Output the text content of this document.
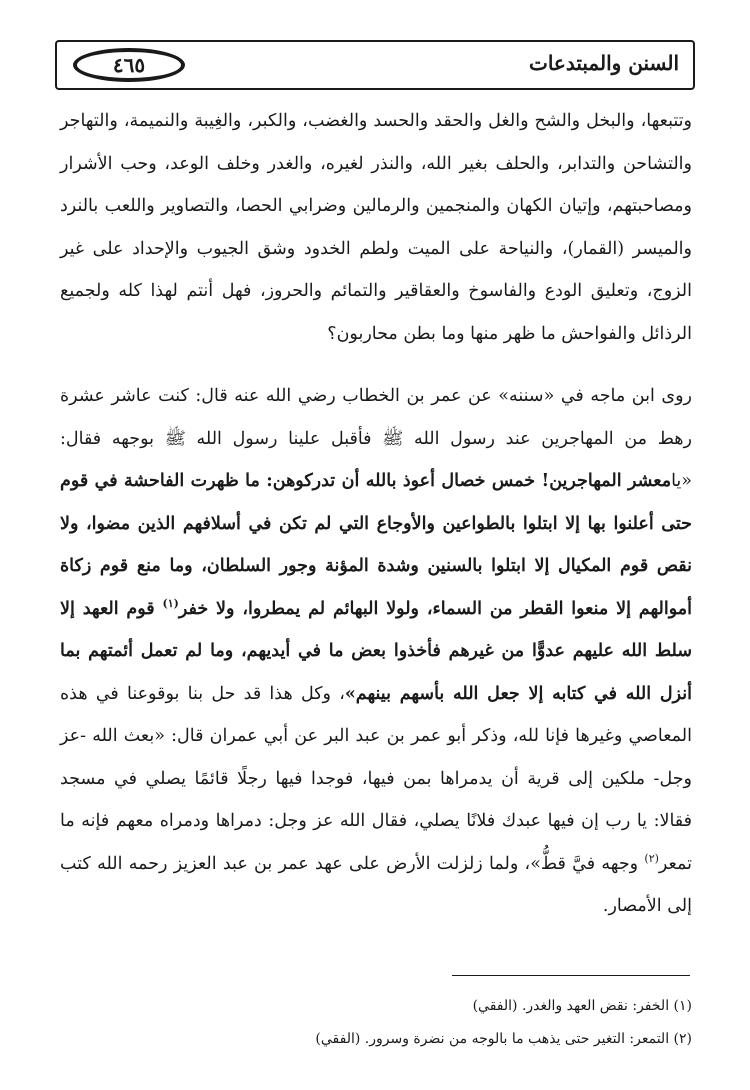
السنن والمبتدعات
٤٦٥

وتتبعها، والبخل والشح والغل والحقد والحسد والغضب، والكبر، والغِيبة والنميمة، والتهاجر والتشاحن والتدابر، والحلف بغير الله، والنذر لغيره، والغدر وخلف الوعد، وحب الأشرار ومصاحبتهم، وإتيان الكهان والمنجمين والرمالين وضرابي الحصا، والتصاوير واللعب بالنرد والميسر (القمار)، والنياحة على الميت ولطم الخدود وشق الجيوب والإحداد على غير الزوج، وتعليق الودع والفاسوخ والعقاقير والتمائم والحروز، فهل أنتم لهذا كله ولجميع الرذائل والفواحش ما ظهر منها وما بطن محاربون؟

روى ابن ماجه في «سننه» عن عمر بن الخطاب رضي الله عنه قال: كنت عاشر عشرة رهط من المهاجرين عند رسول الله ﷺ فأقبل علينا رسول الله ﷺ بوجهه فقال: «يامعشر المهاجرين! خمس خصال أعوذ بالله أن تدركوهن: ما ظهرت الفاحشة في قوم حتى أعلنوا بها إلا ابتلوا بالطواعين والأوجاع التي لم تكن في أسلافهم الذين مضوا، ولا نقص قوم المكيال إلا ابتلوا بالسنين وشدة المؤنة وجور السلطان، وما منع قوم زكاة أموالهم إلا منعوا القطر من السماء، ولولا البهائم لم يمطروا، ولا خفر$^{(١)}$ قوم العهد إلا سلط الله عليهم عدوًّا من غيرهم فأخذوا بعض ما في أيديهم، وما لم تعمل أئمتهم بما أنزل الله في كتابه إلا جعل الله بأسهم بينهم»، وكل هذا قد حل بنا بوقوعنا في هذه المعاصي وغيرها فإنا لله، وذكر أبو عمر بن عبد البر عن أبي عمران قال: «بعث الله -عز وجل- ملكين إلى قرية أن يدمراها بمن فيها، فوجدا فيها رجلًا قائمًا يصلي في مسجد فقالا: يا رب إن فيها عبدك فلانًا يصلي، فقال الله عز وجل: دمراها ودمراه معهم فإنه ما تمعر$^{(٢)}$ وجهه فيَّ قطُّ»، ولما زلزلت الأرض على عهد عمر بن عبد العزيز رحمه الله كتب إلى الأمصار.

(١) الخفر: نقض العهد والغدر. (الفقي)

(٢) التمعر: التغير حتى يذهب ما بالوجه من نضرة وسرور. (الفقي)
